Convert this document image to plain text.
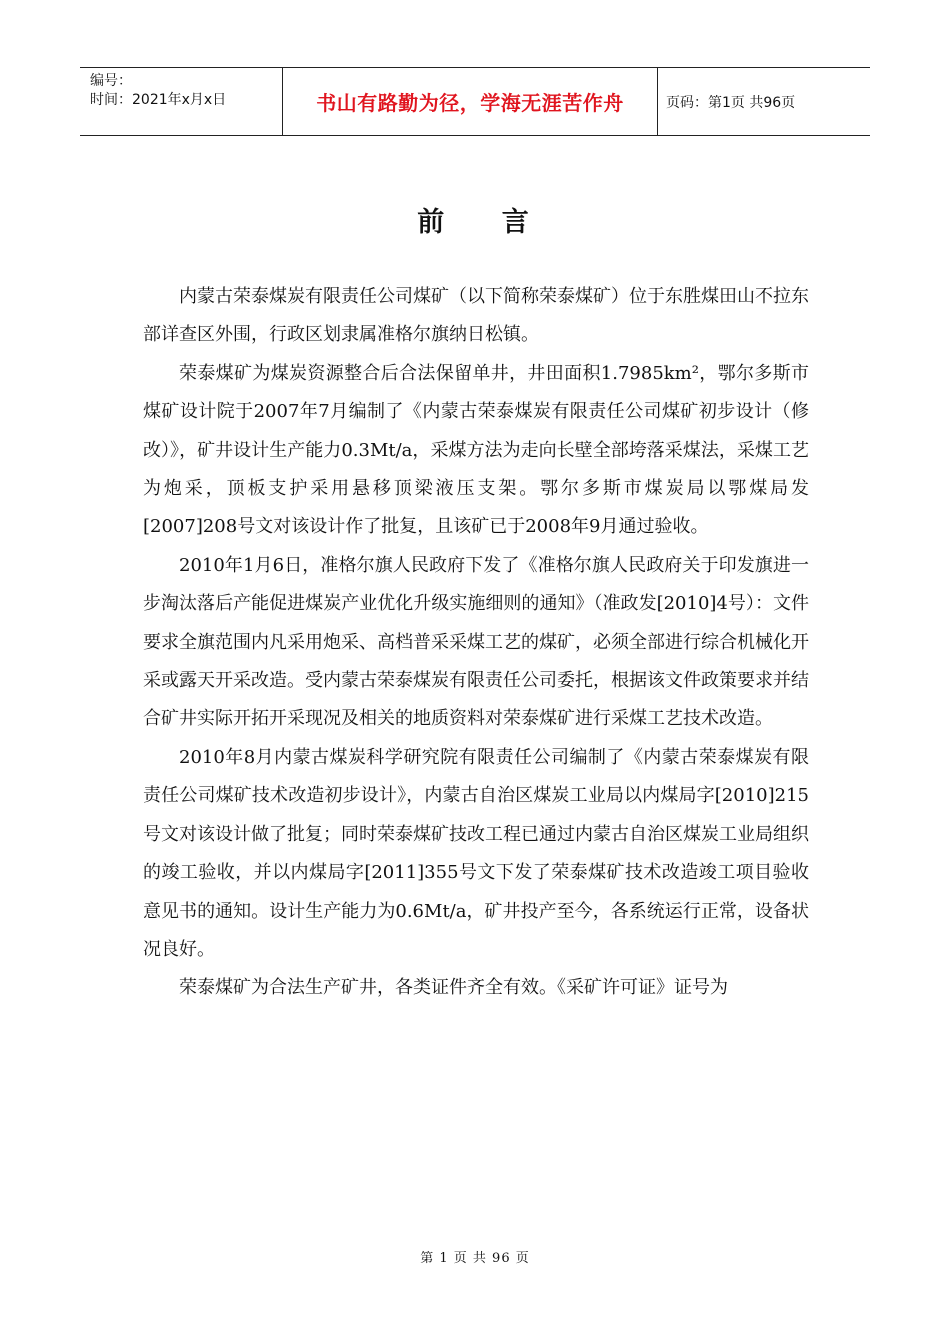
编号：
时间：2021年x月x日	书山有路勤为径，学海无涯苦作舟	页码：第1页 共96页
前 言

内蒙古荣泰煤炭有限责任公司煤矿（以下简称荣泰煤矿）位于东胜煤田山不拉东部详查区外围，行政区划隶属准格尔旗纳日松镇。

荣泰煤矿为煤炭资源整合后合法保留单井，井田面积1.7985km²，鄂尔多斯市煤矿设计院于2007年7月编制了《内蒙古荣泰煤炭有限责任公司煤矿初步设计（修改）》，矿井设计生产能力0.3Mt/a，采煤方法为走向长壁全部垮落采煤法，采煤工艺为炮采，顶板支护采用悬移顶梁液压支架。鄂尔多斯市煤炭局以鄂煤局发[2007]208号文对该设计作了批复，且该矿已于2008年9月通过验收。

2010年1月6日，准格尔旗人民政府下发了《准格尔旗人民政府关于印发旗进一步淘汰落后产能促进煤炭产业优化升级实施细则的通知》（准政发[2010]4号）：文件要求全旗范围内凡采用炮采、高档普采采煤工艺的煤矿，必须全部进行综合机械化开采或露天开采改造。受内蒙古荣泰煤炭有限责任公司委托，根据该文件政策要求并结合矿井实际开拓开采现况及相关的地质资料对荣泰煤矿进行采煤工艺技术改造。

2010年8月内蒙古煤炭科学研究院有限责任公司编制了《内蒙古荣泰煤炭有限责任公司煤矿技术改造初步设计》，内蒙古自治区煤炭工业局以内煤局字[2010]215号文对该设计做了批复；同时荣泰煤矿技改工程已通过内蒙古自治区煤炭工业局组织的竣工验收，并以内煤局字[2011]355号文下发了荣泰煤矿技术改造竣工项目验收意见书的通知。设计生产能力为0.6Mt/a，矿井投产至今，各系统运行正常，设备状况良好。

荣泰煤矿为合法生产矿井，各类证件齐全有效。《采矿许可证》证号为

第 1 页 共 96 页
